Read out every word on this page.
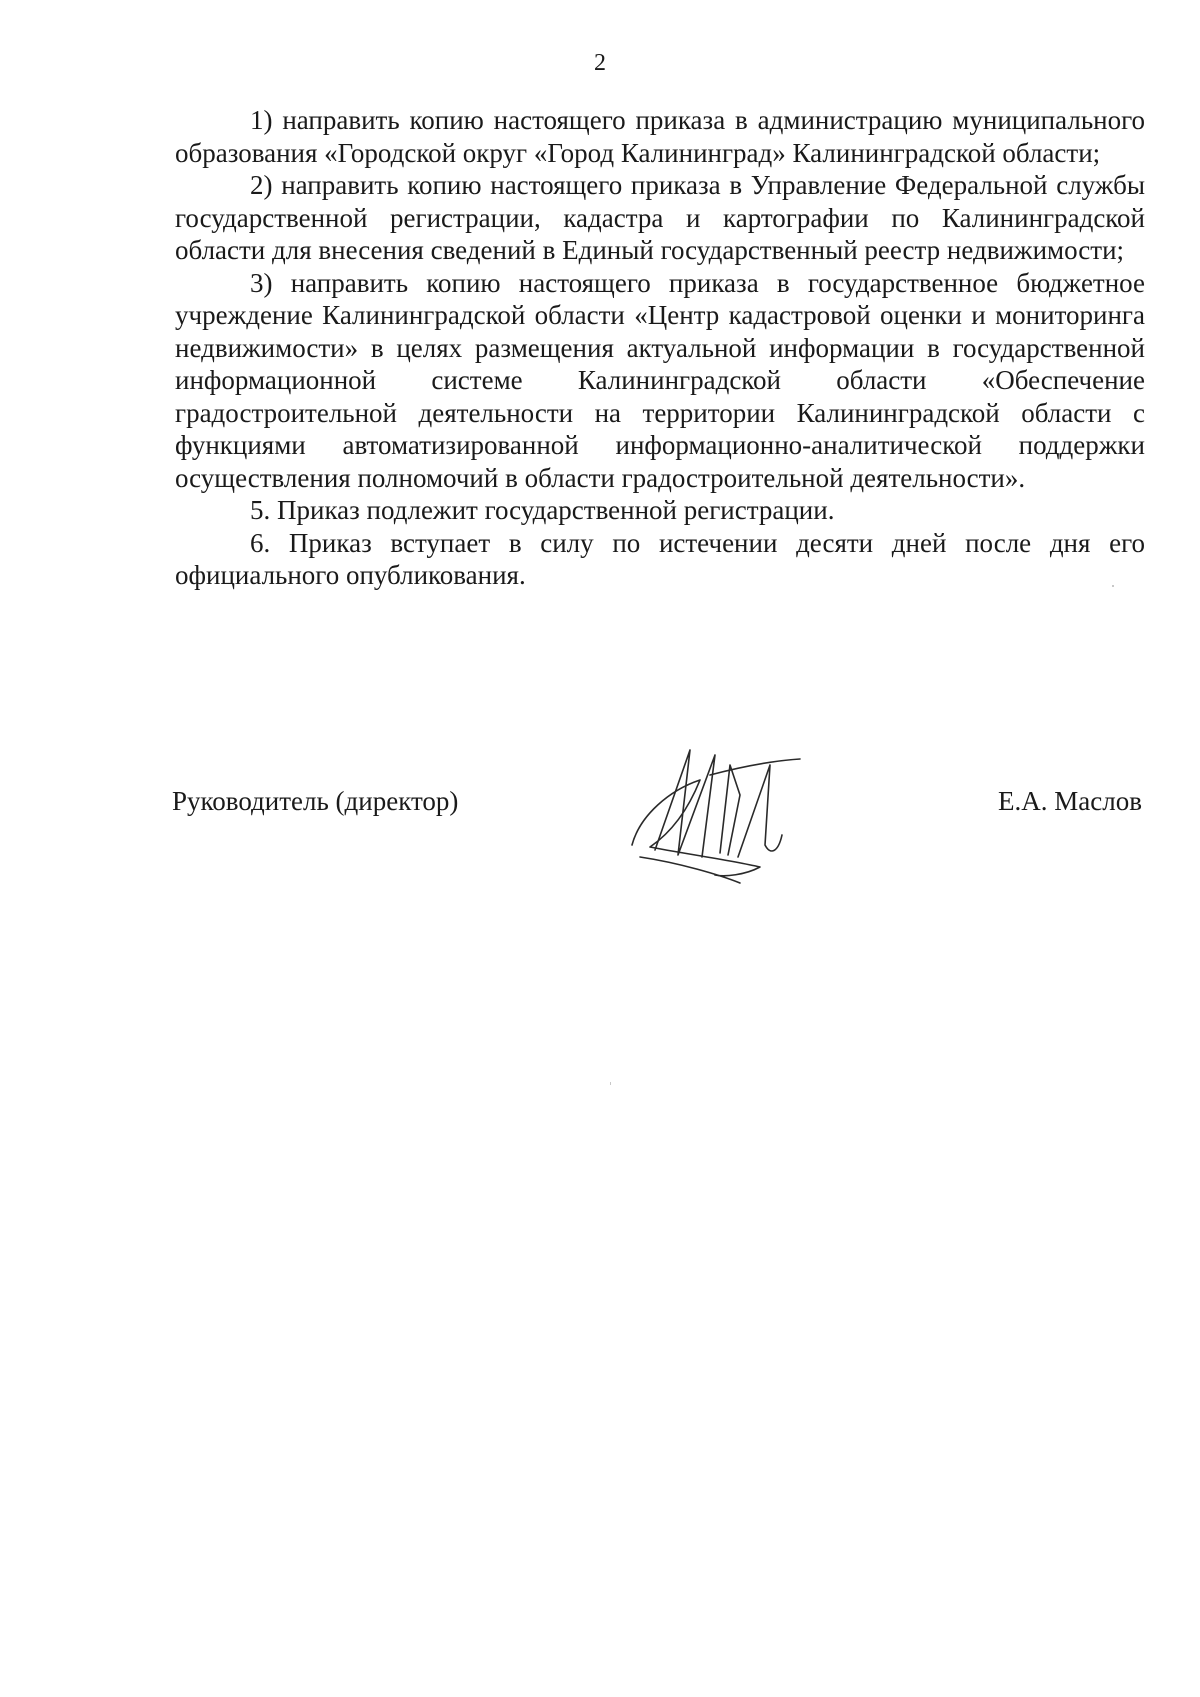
2

1) направить копию настоящего приказа в администрацию муниципального образования «Городской округ «Город Калининград» Калининградской области;

2) направить копию настоящего приказа в Управление Федеральной службы государственной регистрации, кадастра и картографии по Калининградской области для внесения сведений в Единый государственный реестр недвижимости;

3) направить копию настоящего приказа в государственное бюджетное учреждение Калининградской области «Центр кадастровой оценки и мониторинга недвижимости» в целях размещения актуальной информации в государственной информационной системе Калининградской области «Обеспечение градостроительной деятельности на территории Калининградской области с функциями автоматизированной информационно-аналитической поддержки осуществления полномочий в области градостроительной деятельности».

5. Приказ подлежит государственной регистрации.

6. Приказ вступает в силу по истечении десяти дней после дня его официального опубликования.

Руководитель (директор)	Е.А. Маслов
